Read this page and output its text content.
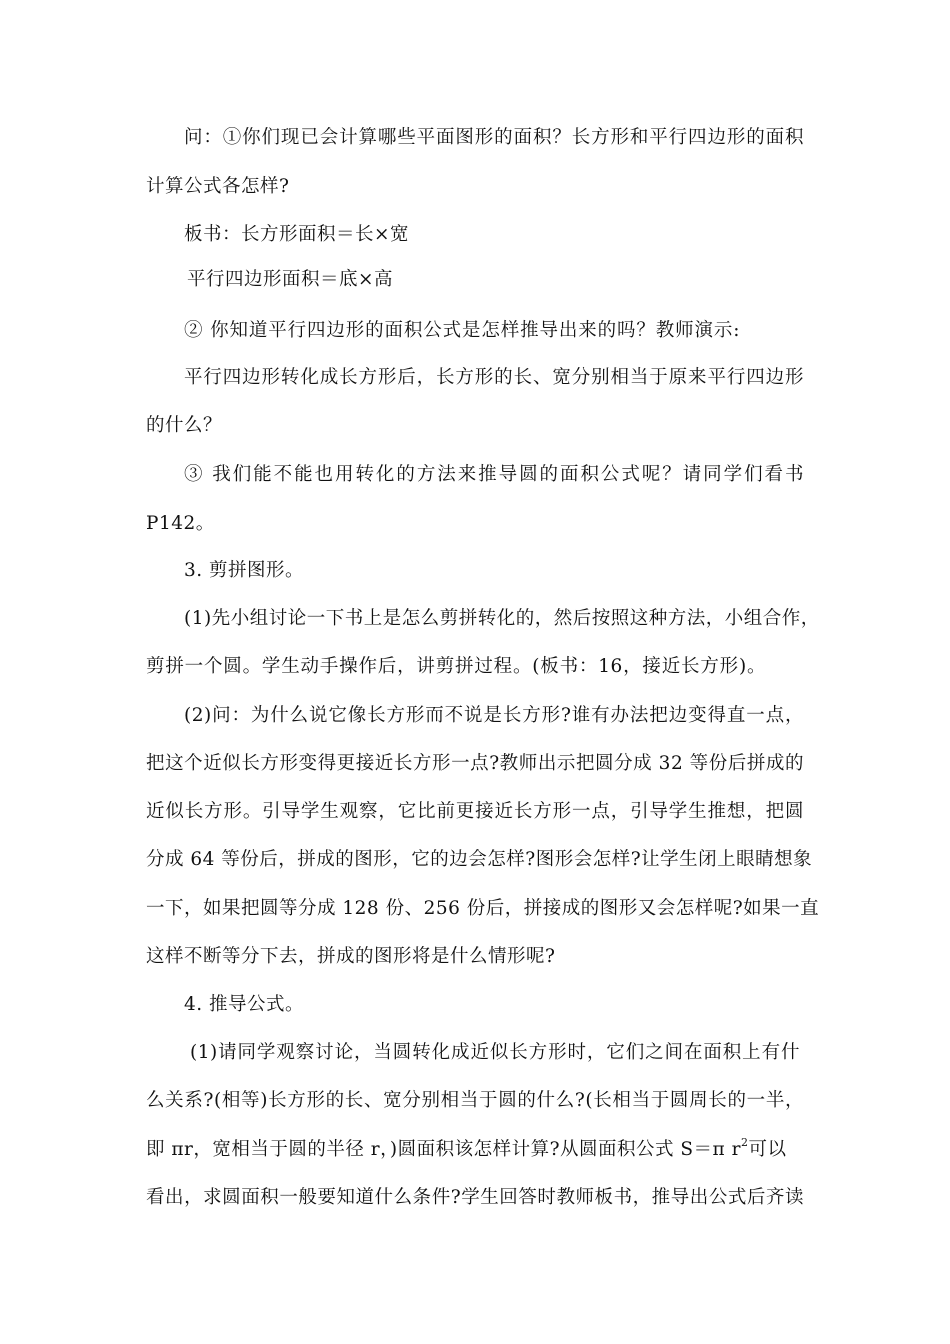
问：①你们现已会计算哪些平面图形的面积？长方形和平行四边形的面积
计算公式各怎样?
板书：长方形面积＝长×宽
平行四边形面积＝底×高
② 你知道平行四边形的面积公式是怎样推导出来的吗？教师演示:
平行四边形转化成长方形后，长方形的长、宽分别相当于原来平行四边形
的什么？
③ 我们能不能也用转化的方法来推导圆的面积公式呢？请同学们看书
P142。
3. 剪拼图形。
(1)先小组讨论一下书上是怎么剪拼转化的，然后按照这种方法，小组合作，
剪拼一个圆。学生动手操作后，讲剪拼过程。(板书：16，接近长方形)。
(2)问：为什么说它像长方形而不说是长方形?谁有办法把边变得直一点，
把这个近似长方形变得更接近长方形一点?教师出示把圆分成 32 等份后拼成的
近似长方形。引导学生观察，它比前更接近长方形一点，引导学生推想，把圆
分成 64 等份后，拼成的图形，它的边会怎样?图形会怎样?让学生闭上眼睛想象
一下，如果把圆等分成 128 份、256 份后，拼接成的图形又会怎样呢?如果一直
这样不断等分下去，拼成的图形将是什么情形呢?
4. 推导公式。
(1)请同学观察讨论，当圆转化成近似长方形时，它们之间在面积上有什
么关系?(相等)长方形的长、宽分别相当于圆的什么?(长相当于圆周长的一半，
即 πr，宽相当于圆的半径 r，)圆面积该怎样计算?从圆面积公式 S＝π $r^2$可以
看出，求圆面积一般要知道什么条件?学生回答时教师板书，推导出公式后齐读
